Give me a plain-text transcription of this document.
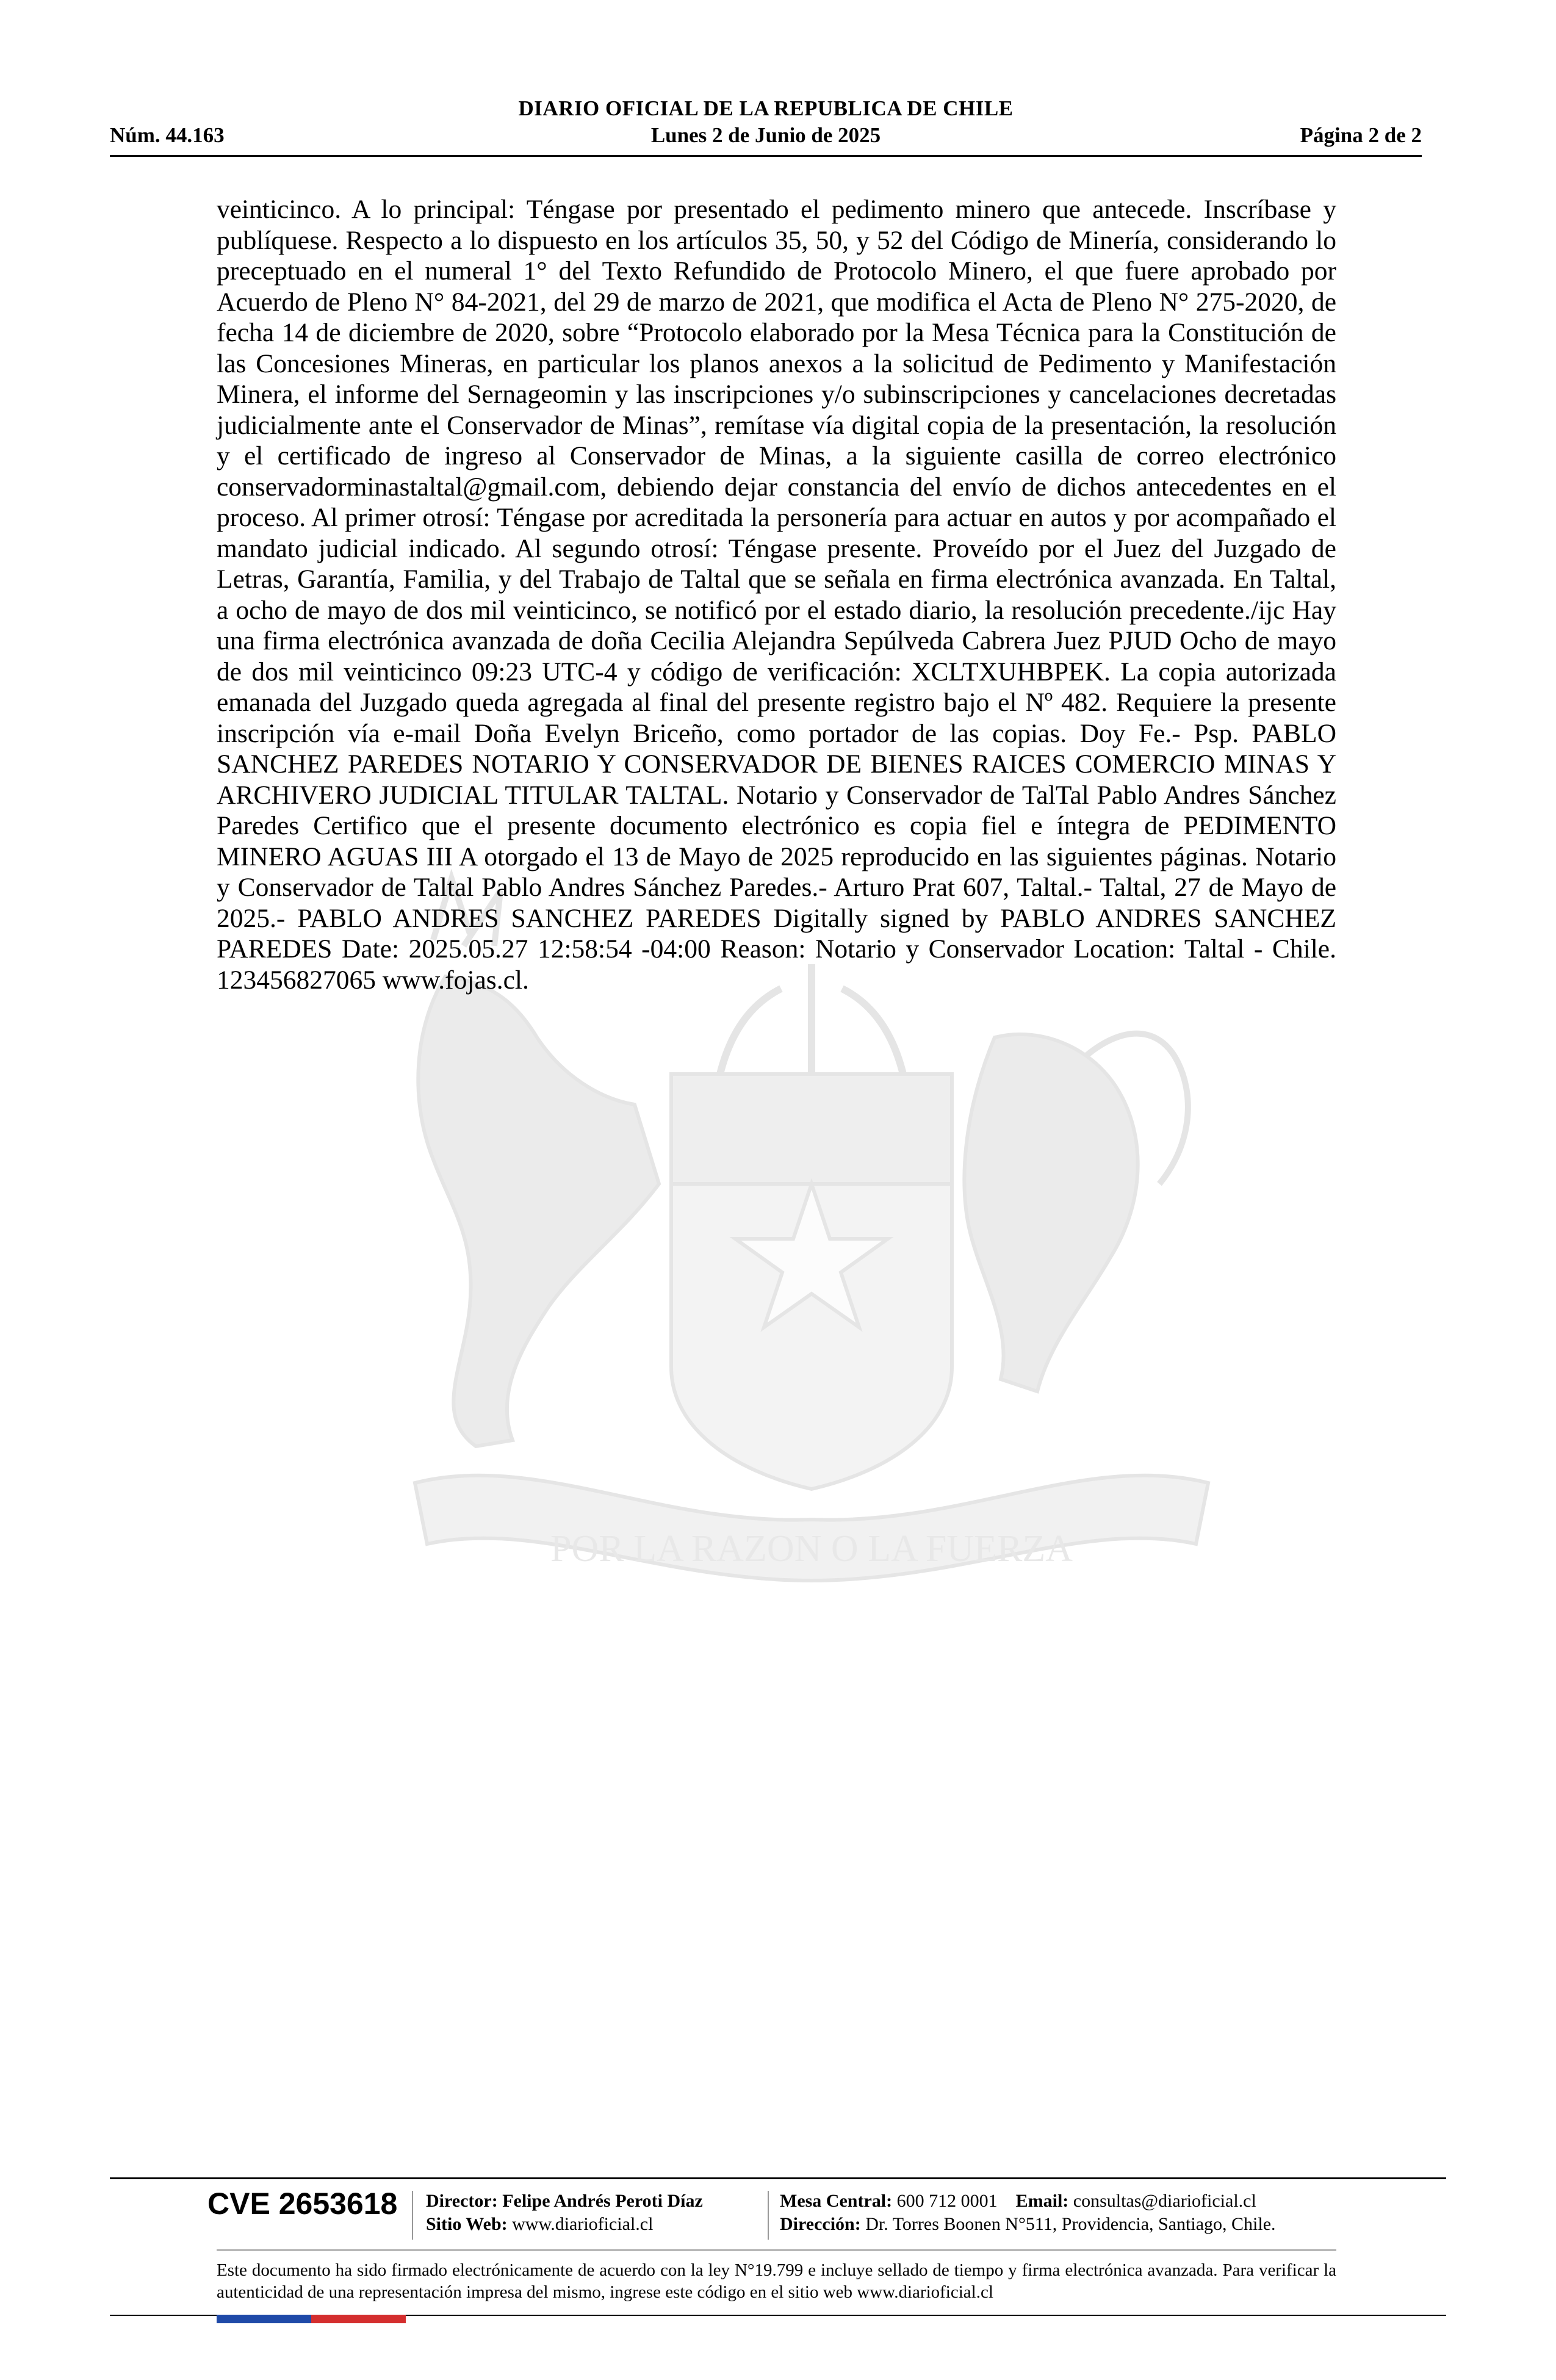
DIARIO OFICIAL DE LA REPUBLICA DE CHILE
Núm. 44.163	Lunes 2 de Junio de 2025	Página 2 de 2
POR LA RAZON O LA FUERZA
veinticinco. A lo principal: Téngase por presentado el pedimento minero que antecede. Inscríbase y publíquese. Respecto a lo dispuesto en los artículos 35, 50, y 52 del Código de Minería, considerando lo preceptuado en el numeral 1° del Texto Refundido de Protocolo Minero, el que fuere aprobado por Acuerdo de Pleno N° 84-2021, del 29 de marzo de 2021, que modifica el Acta de Pleno N° 275-2020, de fecha 14 de diciembre de 2020, sobre “Protocolo elaborado por la Mesa Técnica para la Constitución de las Concesiones Mineras, en particular los planos anexos a la solicitud de Pedimento y Manifestación Minera, el informe del Sernageomin y las inscripciones y/o subinscripciones y cancelaciones decretadas judicialmente ante el Conservador de Minas”, remítase vía digital copia de la presentación, la resolución y el certificado de ingreso al Conservador de Minas, a la siguiente casilla de correo electrónico conservadorminastaltal@gmail.com, debiendo dejar constancia del envío de dichos antecedentes en el proceso. Al primer otrosí: Téngase por acreditada la personería para actuar en autos y por acompañado el mandato judicial indicado. Al segundo otrosí: Téngase presente. Proveído por el Juez del Juzgado de Letras, Garantía, Familia, y del Trabajo de Taltal que se señala en firma electrónica avanzada. En Taltal, a ocho de mayo de dos mil veinticinco, se notificó por el estado diario, la resolución precedente./ijc Hay una firma electrónica avanzada de doña Cecilia Alejandra Sepúlveda Cabrera Juez PJUD Ocho de mayo de dos mil veinticinco 09:23 UTC-4 y código de verificación: XCLTXUHBPEK. La copia autorizada emanada del Juzgado queda agregada al final del presente registro bajo el Nº 482. Requiere la presente inscripción vía e-mail Doña Evelyn Briceño, como portador de las copias. Doy Fe.- Psp. PABLO SANCHEZ PAREDES NOTARIO Y CONSERVADOR DE BIENES RAICES COMERCIO MINAS Y ARCHIVERO JUDICIAL TITULAR TALTAL. Notario y Conservador de TalTal Pablo Andres Sánchez Paredes Certifico que el presente documento electrónico es copia fiel e íntegra de PEDIMENTO MINERO AGUAS III A otorgado el 13 de Mayo de 2025 reproducido en las siguientes páginas. Notario y Conservador de Taltal Pablo Andres Sánchez Paredes.- Arturo Prat 607, Taltal.- Taltal, 27 de Mayo de 2025.- PABLO ANDRES SANCHEZ PAREDES Digitally signed by PABLO ANDRES SANCHEZ PAREDES Date: 2025.05.27 12:58:54 -04:00 Reason: Notario y Conservador Location: Taltal - Chile. 123456827065 www.fojas.cl.
CVE 2653618 Director: Felipe Andrés Peroti Díaz
Sitio Web: www.diarioficial.cl
Mesa Central: 600 712 0001 Email: consultas@diarioficial.cl
Dirección: Dr. Torres Boonen N°511, Providencia, Santiago, Chile.
Este documento ha sido firmado electrónicamente de acuerdo con la ley N°19.799 e incluye sellado de tiempo y firma electrónica avanzada. Para verificar la autenticidad de una representación impresa del mismo, ingrese este código en el sitio web www.diarioficial.cl
